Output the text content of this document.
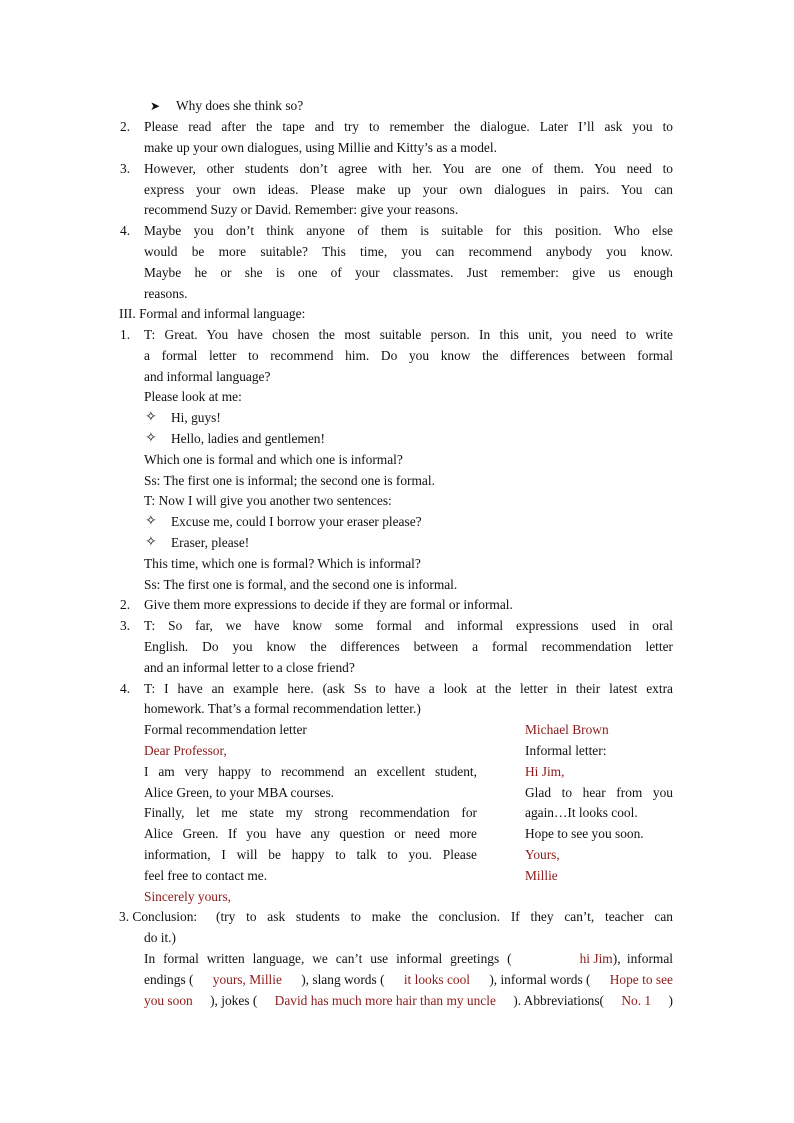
➤ Why does she think so?
2. Please read after the tape and try to remember the dialogue. Later I’ll ask you to
make up your own dialogues, using Millie and Kitty’s as a model.
3. However, other students don’t agree with her. You are one of them. You need to
express your own ideas. Please make up your own dialogues in pairs. You can
recommend Suzy or David. Remember: give your reasons.
4. Maybe you don’t think anyone of them is suitable for this position. Who else
would be more suitable? This time, you can recommend anybody you know.
Maybe he or she is one of your classmates. Just remember: give us enough
reasons.
III. Formal and informal language:
1. T: Great. You have chosen the most suitable person. In this unit, you need to write
a formal letter to recommend him. Do you know the differences between formal
and informal language?
Please look at me:
✧ Hi, guys!
✧ Hello, ladies and gentlemen!
Which one is formal and which one is informal?
Ss: The first one is informal; the second one is formal.
T: Now I will give you another two sentences:
✧ Excuse me, could I borrow your eraser please?
✧ Eraser, please!
This time, which one is formal? Which is informal?
Ss: The first one is formal, and the second one is informal.
2. Give them more expressions to decide if they are formal or informal.
3. T: So far, we have know some formal and informal expressions used in oral
English. Do you know the differences between a formal recommendation letter
and an informal letter to a close friend?
4. T: I have an example here. (ask Ss to have a look at the letter in their latest extra
homework. That’s a formal recommendation letter.)
Formal recommendation letter
Dear Professor,
I am very happy to recommend an excellent student,
Alice Green, to your MBA courses.
Finally, let me state my strong recommendation for
Alice Green. If you have any question or need more
information, I will be happy to talk to you. Please
feel free to contact me.
Sincerely yours,
Michael Brown
Informal letter:
Hi Jim,
Glad to hear from you
again…It looks cool.
Hope to see you soon.
Yours,
Millie
3. Conclusion: (try to ask students to make the conclusion. If they can’t, teacher can
do it.)
In formal written language, we can’t use informal greetings (	hi Jim ), informal
endings ( yours, Millie ), slang words ( it looks cool ), informal words ( Hope to see
you soon ), jokes ( David has much more hair than my uncle ). Abbreviations( No. 1 )
